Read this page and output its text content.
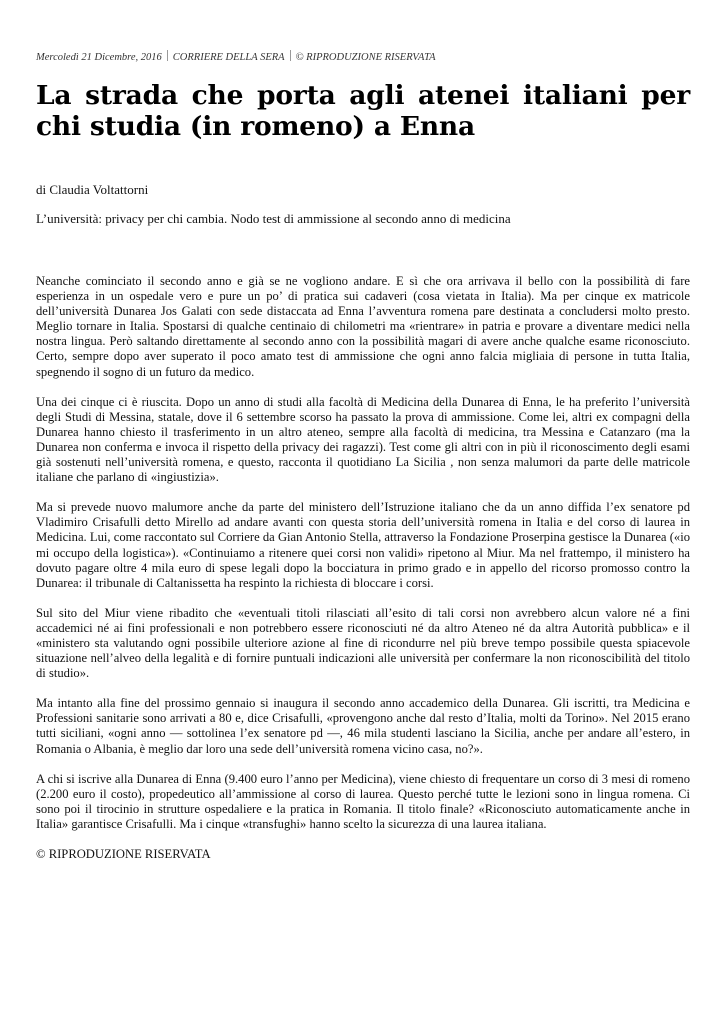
Mercoledì 21 Dicembre, 2016 CORRIERE DELLA SERA © RIPRODUZIONE RISERVATA
La strada che porta agli atenei italiani per chi studia (in romeno) a Enna
di Claudia Voltattorni
L’università: privacy per chi cambia. Nodo test di ammissione al secondo anno di medicina

Neanche cominciato il secondo anno e già se ne vogliono andare. E sì che ora arrivava il bello con la possibilità di fare esperienza in un ospedale vero e pure un po’ di pratica sui cadaveri (cosa vietata in Italia). Ma per cinque ex matricole dell’università Dunarea Jos Galati con sede distaccata ad Enna l’avventura romena pare destinata a concludersi molto presto. Meglio tornare in Italia. Spostarsi di qualche centinaio di chilometri ma «rientrare» in patria e provare a diventare medici nella nostra lingua. Però saltando direttamente al secondo anno con la possibilità magari di avere anche qualche esame riconosciuto. Certo, sempre dopo aver superato il poco amato test di ammissione che ogni anno falcia migliaia di persone in tutta Italia, spegnendo il sogno di un futuro da medico.

Una dei cinque ci è riuscita. Dopo un anno di studi alla facoltà di Medicina della Dunarea di Enna, le ha preferito l’università degli Studi di Messina, statale, dove il 6 settembre scorso ha passato la prova di ammissione. Come lei, altri ex compagni della Dunarea hanno chiesto il trasferimento in un altro ateneo, sempre alla facoltà di medicina, tra Messina e Catanzaro (ma la Dunarea non conferma e invoca il rispetto della privacy dei ragazzi). Test come gli altri con in più il riconoscimento degli esami già sostenuti nell’università romena, e questo, racconta il quotidiano La Sicilia , non senza malumori da parte delle matricole italiane che parlano di «ingiustizia».

Ma si prevede nuovo malumore anche da parte del ministero dell’Istruzione italiano che da un anno diffida l’ex senatore pd Vladimiro Crisafulli detto Mirello ad andare avanti con questa storia dell’università romena in Italia e del corso di laurea in Medicina. Lui, come raccontato sul Corriere da Gian Antonio Stella, attraverso la Fondazione Proserpina gestisce la Dunarea («io mi occupo della logistica»). «Continuiamo a ritenere quei corsi non validi» ripetono al Miur. Ma nel frattempo, il ministero ha dovuto pagare oltre 4 mila euro di spese legali dopo la bocciatura in primo grado e in appello del ricorso promosso contro la Dunarea: il tribunale di Caltanissetta ha respinto la richiesta di bloccare i corsi.

Sul sito del Miur viene ribadito che «eventuali titoli rilasciati all’esito di tali corsi non avrebbero alcun valore né a fini accademici né ai fini professionali e non potrebbero essere riconosciuti né da altro Ateneo né da altra Autorità pubblica» e il «ministero sta valutando ogni possibile ulteriore azione al fine di ricondurre nel più breve tempo possibile questa spiacevole situazione nell’alveo della legalità e di fornire puntuali indicazioni alle università per confermare la non riconoscibilità del titolo di studio».

Ma intanto alla fine del prossimo gennaio si inaugura il secondo anno accademico della Dunarea. Gli iscritti, tra Medicina e Professioni sanitarie sono arrivati a 80 e, dice Crisafulli, «provengono anche dal resto d’Italia, molti da Torino». Nel 2015 erano tutti siciliani, «ogni anno — sottolinea l’ex senatore pd —, 46 mila studenti lasciano la Sicilia, anche per andare all’estero, in Romania o Albania, è meglio dar loro una sede dell’università romena vicino casa, no?».

A chi si iscrive alla Dunarea di Enna (9.400 euro l’anno per Medicina), viene chiesto di frequentare un corso di 3 mesi di romeno (2.200 euro il costo), propedeutico all’ammissione al corso di laurea. Questo perché tutte le lezioni sono in lingua romena. Ci sono poi il tirocinio in strutture ospedaliere e la pratica in Romania. Il titolo finale? «Riconosciuto automaticamente anche in Italia» garantisce Crisafulli. Ma i cinque «transfughi» hanno scelto la sicurezza di una laurea italiana.

© RIPRODUZIONE RISERVATA
